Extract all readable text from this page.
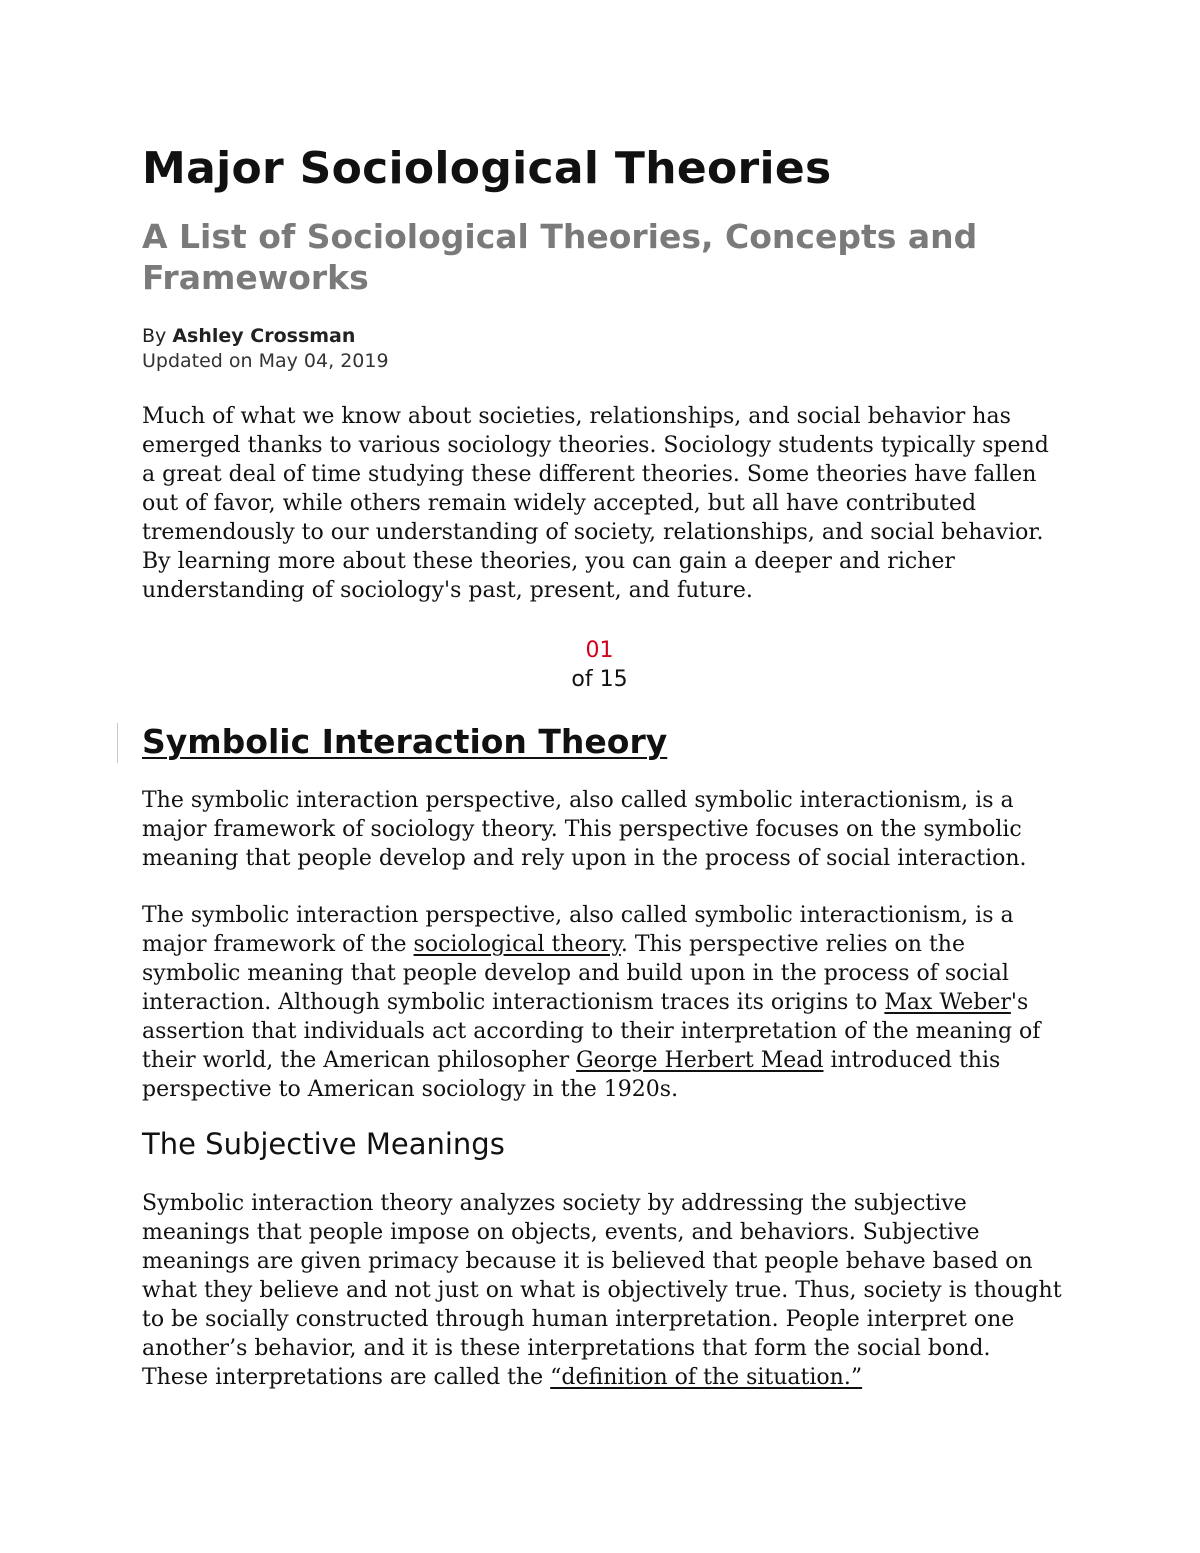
Major Sociological Theories
A List of Sociological Theories, Concepts and Frameworks
By Ashley Crossman
Updated on May 04, 2019

Much of what we know about societies, relationships, and social behavior has emerged thanks to various sociology theories. Sociology students typically spend a great deal of time studying these different theories. Some theories have fallen out of favor, while others remain widely accepted, but all have contributed tremendously to our understanding of society, relationships, and social behavior. By learning more about these theories, you can gain a deeper and richer understanding of sociology's past, present, and future.

01
of 15
Symbolic Interaction Theory

The symbolic interaction perspective, also called symbolic interactionism, is a major framework of sociology theory. This perspective focuses on the symbolic meaning that people develop and rely upon in the process of social interaction.

The symbolic interaction perspective, also called symbolic interactionism, is a major framework of the sociological theory. This perspective relies on the symbolic meaning that people develop and build upon in the process of social interaction. Although symbolic interactionism traces its origins to Max Weber's assertion that individuals act according to their interpretation of the meaning of their world, the American philosopher George Herbert Mead introduced this perspective to American sociology in the 1920s.

The Subjective Meanings

Symbolic interaction theory analyzes society by addressing the subjective meanings that people impose on objects, events, and behaviors. Subjective meanings are given primacy because it is believed that people behave based on what they believe and not just on what is objectively true. Thus, society is thought to be socially constructed through human interpretation. People interpret one another’s behavior, and it is these interpretations that form the social bond. These interpretations are called the “definition of the situation.”
